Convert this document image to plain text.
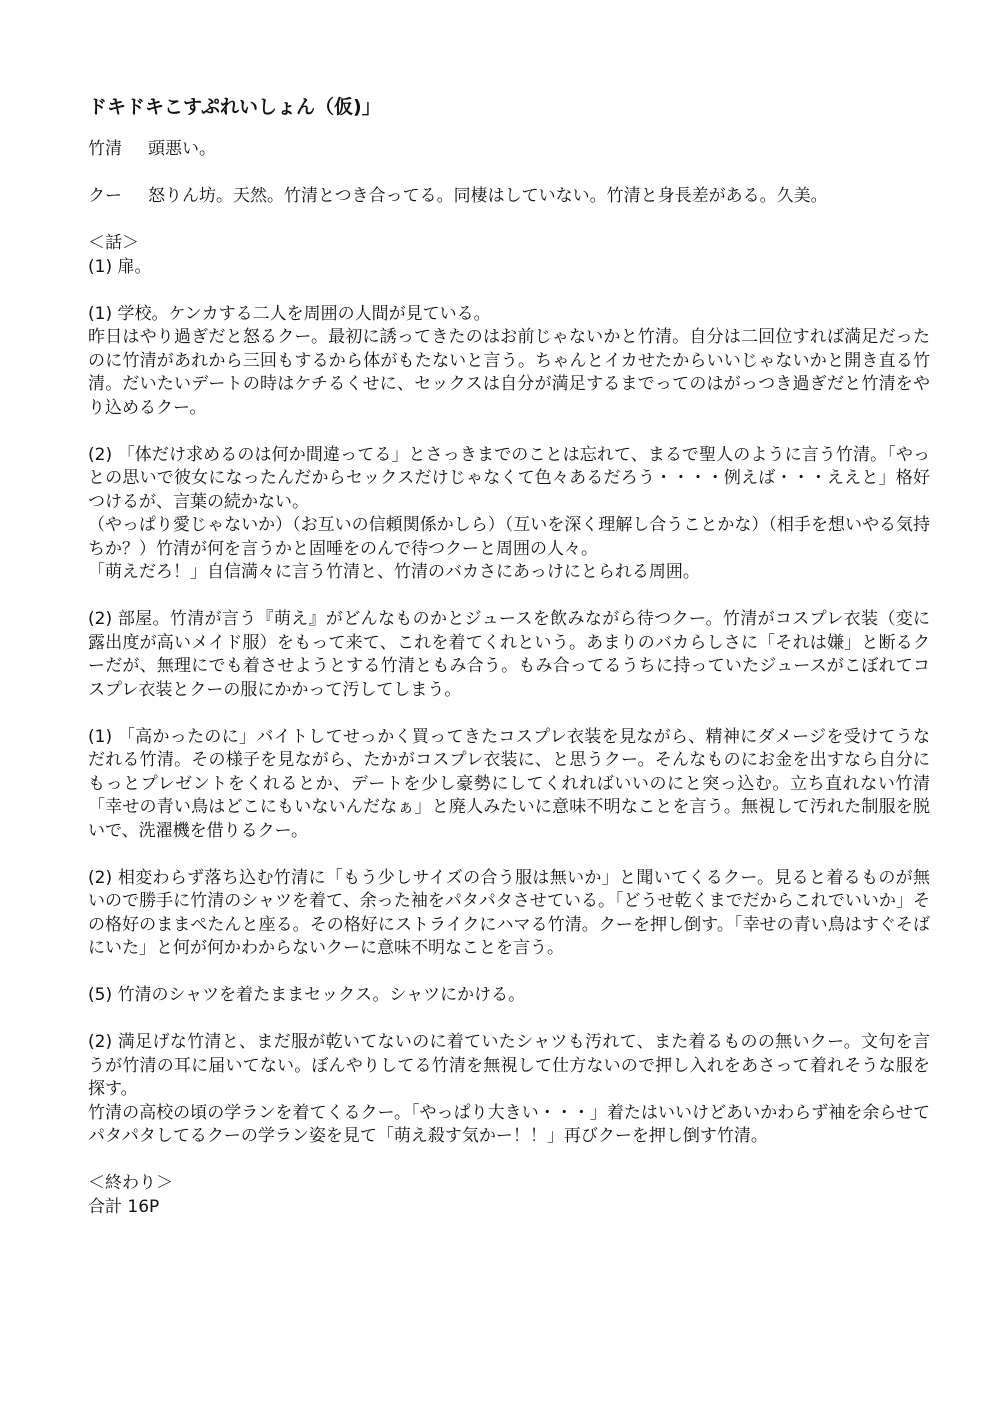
ドキドキこすぷれいしょん（仮)」
竹清 頭悪い。
クー 怒りん坊。天然。竹清とつき合ってる。同棲はしていない。竹清と身長差がある。久美。
＜話＞
(1) 扉。
(1) 学校。ケンカする二人を周囲の人間が見ている。
昨日はやり過ぎだと怒るクー。最初に誘ってきたのはお前じゃないかと竹清。自分は二回位すれば満足だったのに竹清があれから三回もするから体がもたないと言う。ちゃんとイカせたからいいじゃないかと開き直る竹清。だいたいデートの時はケチるくせに、セックスは自分が満足するまでってのはがっつき過ぎだと竹清をやり込めるクー。
(2) 「体だけ求めるのは何か間違ってる」とさっきまでのことは忘れて、まるで聖人のように言う竹清。「やっとの思いで彼女になったんだからセックスだけじゃなくて色々あるだろう・・・・例えば・・・ええと」格好つけるが、言葉の続かない。
（やっぱり愛じゃないか）（お互いの信頼関係かしら）（互いを深く理解し合うことかな）（相手を想いやる気持ちか？）竹清が何を言うかと固唾をのんで待つクーと周囲の人々。
「萌えだろ！」自信満々に言う竹清と、竹清のバカさにあっけにとられる周囲。
(2) 部屋。竹清が言う『萌え』がどんなものかとジュースを飲みながら待つクー。竹清がコスプレ衣装（変に露出度が高いメイド服）をもって来て、これを着てくれという。あまりのバカらしさに「それは嫌」と断るクーだが、無理にでも着させようとする竹清ともみ合う。もみ合ってるうちに持っていたジュースがこぼれてコスプレ衣装とクーの服にかかって汚してしまう。
(1) 「高かったのに」バイトしてせっかく買ってきたコスプレ衣装を見ながら、精神にダメージを受けてうなだれる竹清。その様子を見ながら、たかがコスプレ衣装に、と思うクー。そんなものにお金を出すなら自分にもっとプレゼントをくれるとか、デートを少し豪勢にしてくれればいいのにと突っ込む。立ち直れない竹清「幸せの青い鳥はどこにもいないんだなぁ」と廃人みたいに意味不明なことを言う。無視して汚れた制服を脱いで、洗濯機を借りるクー。
(2) 相変わらず落ち込む竹清に「もう少しサイズの合う服は無いか」と聞いてくるクー。見ると着るものが無いので勝手に竹清のシャツを着て、余った袖をパタパタさせている。「どうせ乾くまでだからこれでいいか」その格好のままぺたんと座る。その格好にストライクにハマる竹清。クーを押し倒す。「幸せの青い鳥はすぐそばにいた」と何が何かわからないクーに意味不明なことを言う。
(5) 竹清のシャツを着たままセックス。シャツにかける。
(2) 満足げな竹清と、まだ服が乾いてないのに着ていたシャツも汚れて、また着るものの無いクー。文句を言うが竹清の耳に届いてない。ぼんやりしてる竹清を無視して仕方ないので押し入れをあさって着れそうな服を探す。
竹清の高校の頃の学ランを着てくるクー。「やっぱり大きい・・・」着たはいいけどあいかわらず袖を余らせてパタパタしてるクーの学ラン姿を見て「萌え殺す気かー！！」再びクーを押し倒す竹清。
＜終わり＞
合計 16P
